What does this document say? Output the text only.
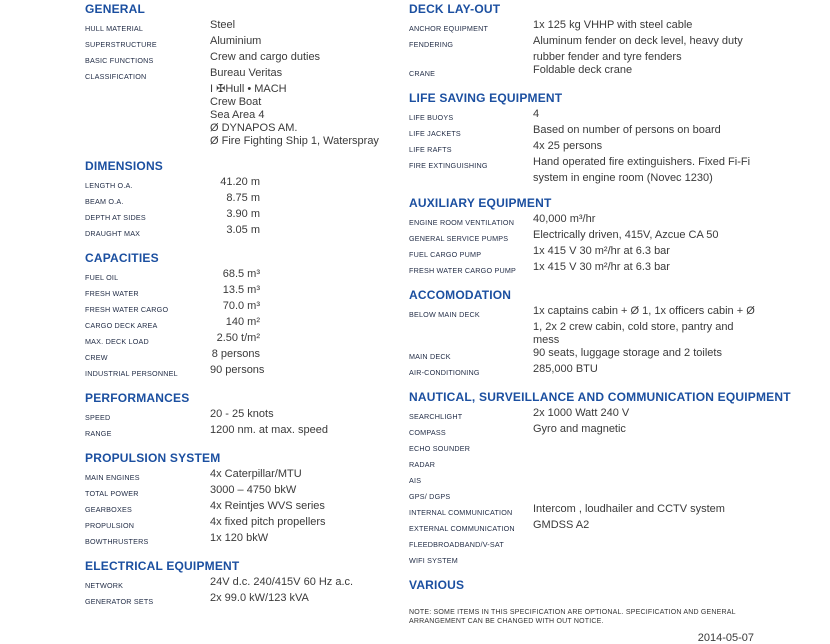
GENERAL
HULL MATERIAL	Steel
SUPERSTRUCTURE	Aluminium
BASIC FUNCTIONS	Crew and cargo duties
CLASSIFICATION	Bureau Veritas
I ✠Hull • MACH
Crew Boat
Sea Area 4
Ø DYNAPOS AM.
Ø Fire Fighting Ship 1, Waterspray
DIMENSIONS
LENGTH O.A.	41.20 m
BEAM O.A.	8.75 m
DEPTH AT SIDES	3.90 m
DRAUGHT MAX	3.05 m
CAPACITIES
FUEL OIL	68.5 m³
FRESH WATER	13.5 m³
FRESH WATER CARGO	70.0 m³
CARGO DECK AREA	140 m²
MAX. DECK LOAD	2.50 t/m²
CREW	8 persons
INDUSTRIAL PERSONNEL	90 persons
PERFORMANCES
SPEED	20 - 25 knots
RANGE	1200 nm. at max. speed
PROPULSION SYSTEM
MAIN ENGINES	4x Caterpillar/MTU
TOTAL POWER	3000 – 4750 bkW
GEARBOXES	4x Reintjes WVS series
PROPULSION	4x fixed pitch propellers
BOWTHRUSTERS	1x 120 bkW
ELECTRICAL EQUIPMENT
NETWORK	24V d.c. 240/415V 60 Hz a.c.
GENERATOR SETS	2x 99.0 kW/123 kVA
DECK LAY-OUT
ANCHOR EQUIPMENT	1x 125 kg VHHP with steel cable
FENDERING	Aluminum fender on deck level, heavy duty
rubber fender and tyre fenders
CRANE	Foldable deck crane
LIFE SAVING EQUIPMENT
LIFE BUOYS	4
LIFE JACKETS	Based on number of persons on board
LIFE RAFTS	4x 25 persons
FIRE EXTINGUISHING	Hand operated fire extinguishers. Fixed Fi-Fi
system in engine room (Novec 1230)
AUXILIARY EQUIPMENT
ENGINE ROOM VENTILATION	40,000 m³/hr
GENERAL SERVICE PUMPS	Electrically driven, 415V, Azcue CA 50
FUEL CARGO PUMP	1x 415 V 30 m²/hr at 6.3 bar
FRESH WATER CARGO PUMP	1x 415 V 30 m²/hr at 6.3 bar
ACCOMODATION
BELOW MAIN DECK	1x captains cabin + Ø 1, 1x officers cabin + Ø
1, 2x 2 crew cabin, cold store, pantry and
mess
MAIN DECK	90 seats, luggage storage and 2 toilets
AIR-CONDITIONING	285,000 BTU
NAUTICAL, SURVEILLANCE AND COMMUNICATION EQUIPMENT
SEARCHLIGHT	2x 1000 Watt 240 V
COMPASS	Gyro and magnetic
ECHO SOUNDER
RADAR
AIS
GPS/ DGPS
INTERNAL COMMUNICATION	Intercom , loudhailer and CCTV system
EXTERNAL COMMUNICATION	GMDSS A2
FLEEDBROADBAND/V-SAT
WIFI SYSTEM
VARIOUS
NOTE: SOME ITEMS IN THIS SPECIFICATION ARE OPTIONAL. SPECIFICATION AND GENERAL
ARRANGEMENT CAN BE CHANGED WITH OUT NOTICE.
2014-05-07
